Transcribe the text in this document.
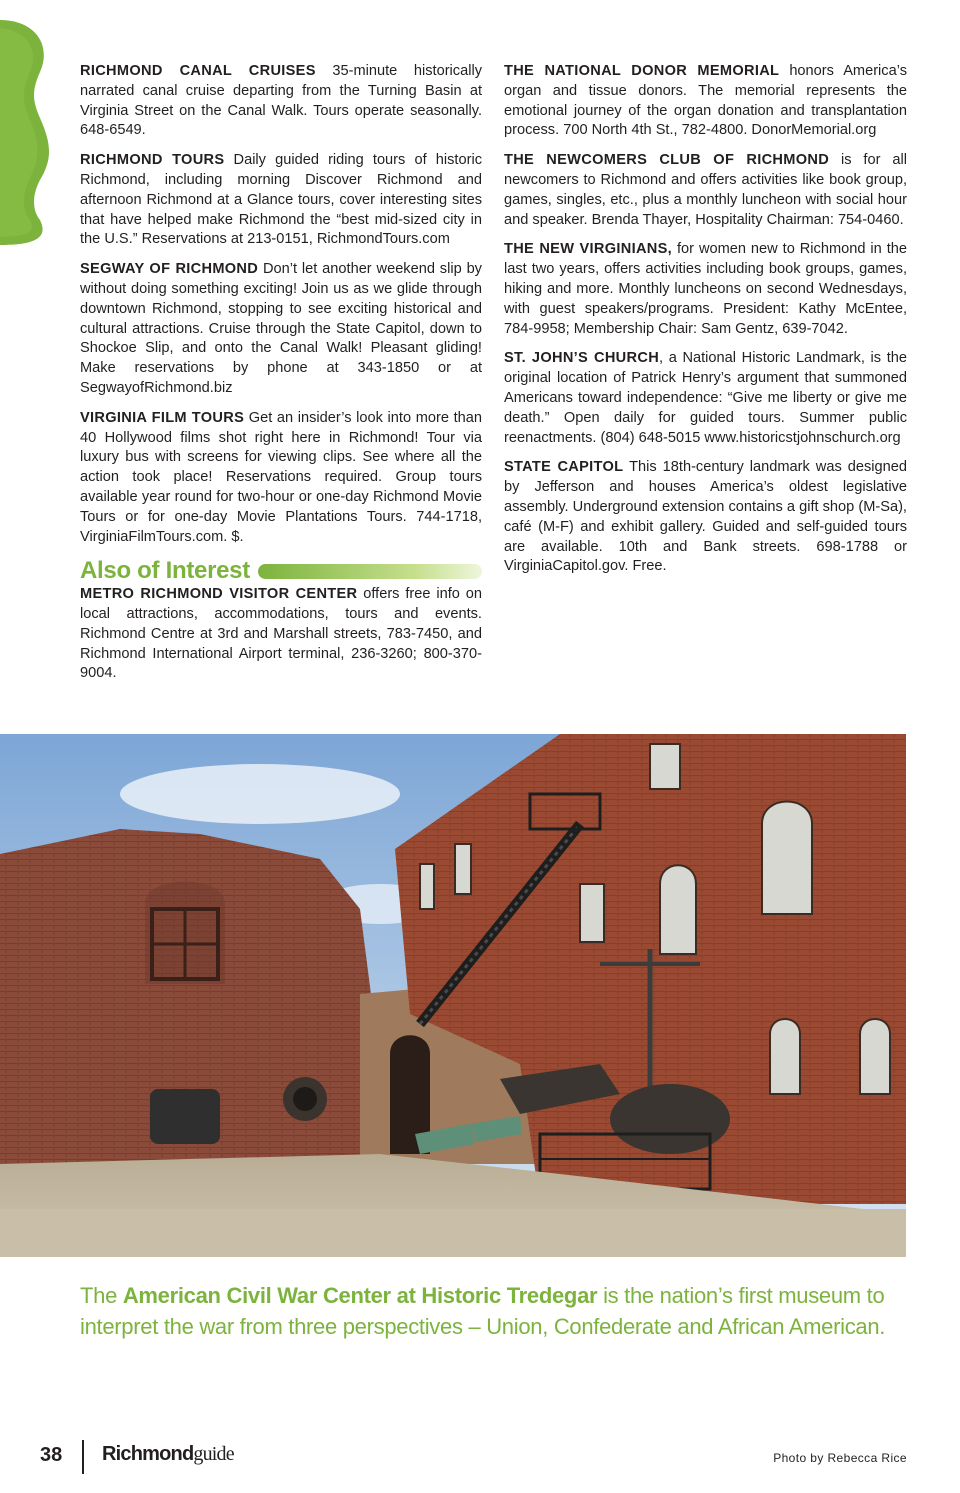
RICHMOND CANAL CRUISES 35-minute historically narrated canal cruise departing from the Turning Basin at Virginia Street on the Canal Walk. Tours operate seasonally. 648-6549.

RICHMOND TOURS Daily guided riding tours of historic Richmond, including morning Discover Richmond and afternoon Richmond at a Glance tours, cover interesting sites that have helped make Richmond the “best mid-sized city in the U.S.” Reservations at 213-0151, RichmondTours.com

SEGWAY OF RICHMOND Don’t let another weekend slip by without doing something exciting! Join us as we glide through downtown Richmond, stopping to see exciting historical and cultural attractions. Cruise through the State Capitol, down to Shockoe Slip, and onto the Canal Walk! Pleasant gliding! Make reservations by phone at 343-1850 or at SegwayofRichmond.biz

VIRGINIA FILM TOURS Get an insider’s look into more than 40 Hollywood films shot right here in Richmond! Tour via luxury bus with screens for viewing clips. See where all the action took place! Reservations required. Group tours available year round for two-hour or one-day Richmond Movie Tours or for one-day Movie Plantations Tours. 744-1718, VirginiaFilmTours.com. $.

Also of Interest

METRO RICHMOND VISITOR CENTER offers free info on local attractions, accommodations, tours and events. Richmond Centre at 3rd and Marshall streets, 783-7450, and Richmond International Airport terminal, 236-3260; 800-370-9004.

THE NATIONAL DONOR MEMORIAL honors America’s organ and tissue donors. The memorial represents the emotional journey of the organ donation and transplantation process. 700 North 4th St., 782-4800. DonorMemorial.org

THE NEWCOMERS CLUB OF RICHMOND is for all newcomers to Richmond and offers activities like book group, games, singles, etc., plus a monthly luncheon with social hour and speaker. Brenda Thayer, Hospitality Chairman: 754-0460.

THE NEW VIRGINIANS, for women new to Richmond in the last two years, offers activities including book groups, games, hiking and more. Monthly luncheons on second Wednesdays, with guest speakers/programs. President: Kathy McEntee, 784-9958; Membership Chair: Sam Gentz, 639-7042.

ST. JOHN’S CHURCH, a National Historic Landmark, is the original location of Patrick Henry’s argument that summoned Americans toward independence: “Give me liberty or give me death.” Open daily for guided tours. Summer public reenactments. (804) 648-5015 www.historicstjohnschurch.org

STATE CAPITOL This 18th-century landmark was designed by Jefferson and houses America’s oldest legislative assembly. Underground extension contains a gift shop (M-Sa), café (M-F) and exhibit gallery. Guided and self-guided tours are available. 10th and Bank streets. 698-1788 or VirginiaCapitol.gov. Free.

The American Civil War Center at Historic Tredegar is the nation’s first museum to interpret the war from three perspectives – Union, Confederate and African American.
38 Richmondguide	Photo by Rebecca Rice
